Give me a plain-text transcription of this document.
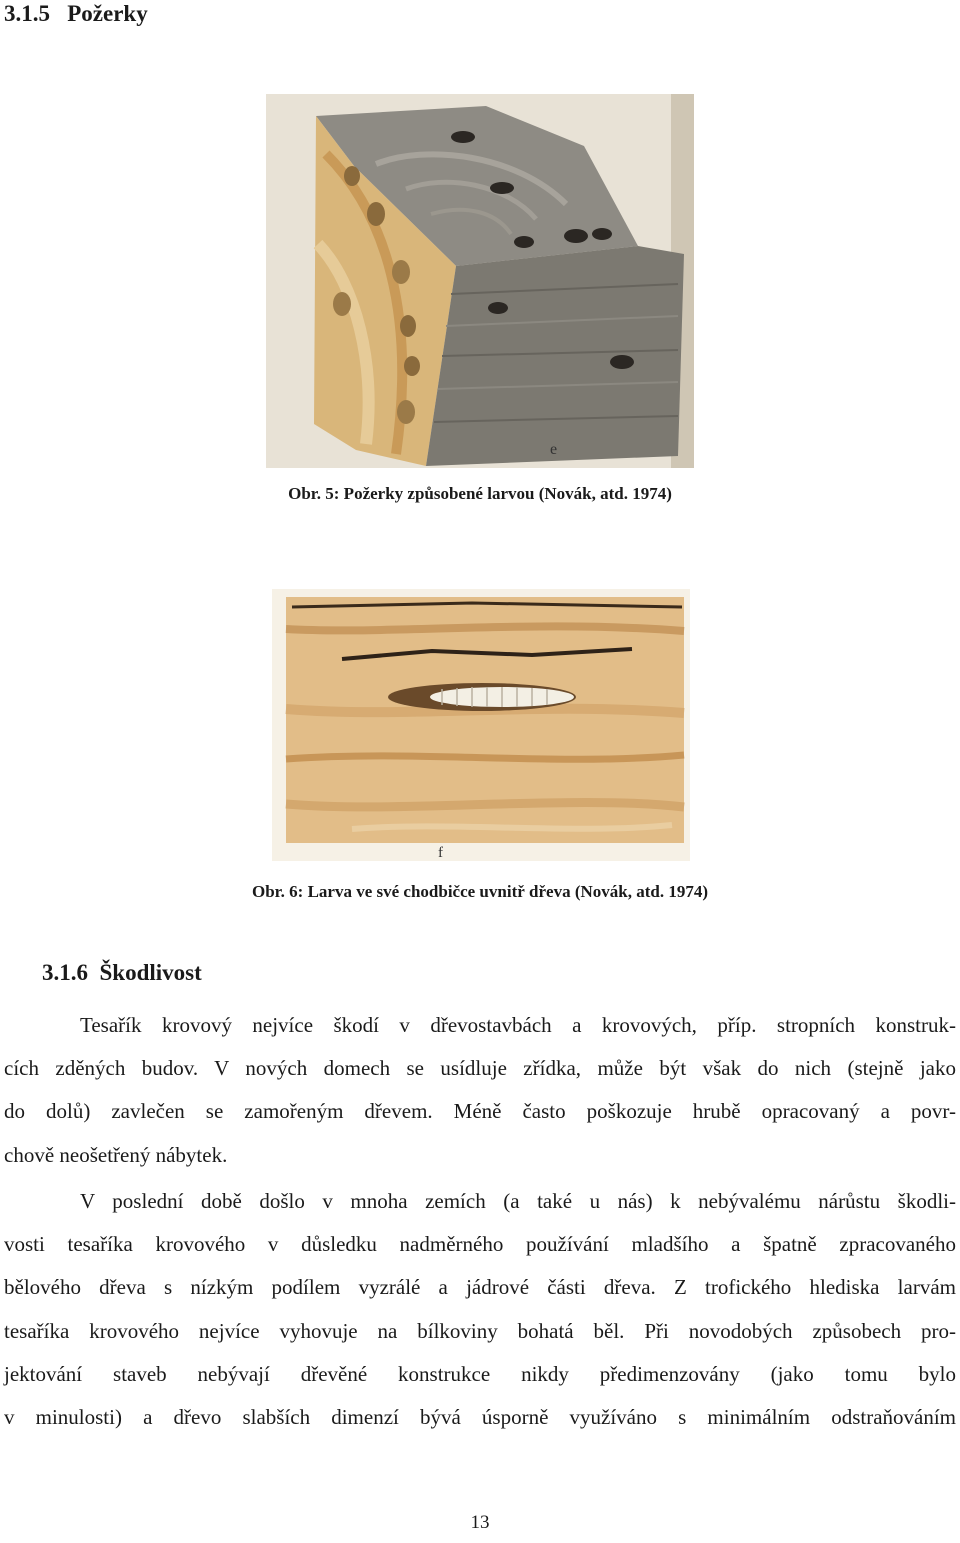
3.1.5 Požerky
e
Obr. 5: Požerky způsobené larvou (Novák, atd. 1974)
f
Obr. 6: Larva ve své chodbičce uvnitř dřeva (Novák, atd. 1974)
3.1.6 Škodlivost

Tesařík krovový nejvíce škodí v dřevostavbách a krovových, příp. stropních konstruk-
cích zděných budov. V nových domech se usídluje zřídka, může být však do nich (stejně jako
do dolů) zavlečen se zamořeným dřevem. Méně často poškozuje hrubě opracovaný a povr-
chově neošetřený nábytek.

V poslední době došlo v mnoha zemích (a také u nás) k nebývalému nárůstu škodli-
vosti tesaříka krovového v důsledku nadměrného používání mladšího a špatně zpracovaného
bělového dřeva s nízkým podílem vyzrálé a jádrové části dřeva. Z trofického hlediska larvám
tesaříka krovového nejvíce vyhovuje na bílkoviny bohatá běl. Při novodobých způsobech pro-
jektování staveb nebývají dřevěné konstrukce nikdy předimenzovány (jako tomu bylo
v minulosti) a dřevo slabších dimenzí bývá úsporně využíváno s minimálním odstraňováním

13
